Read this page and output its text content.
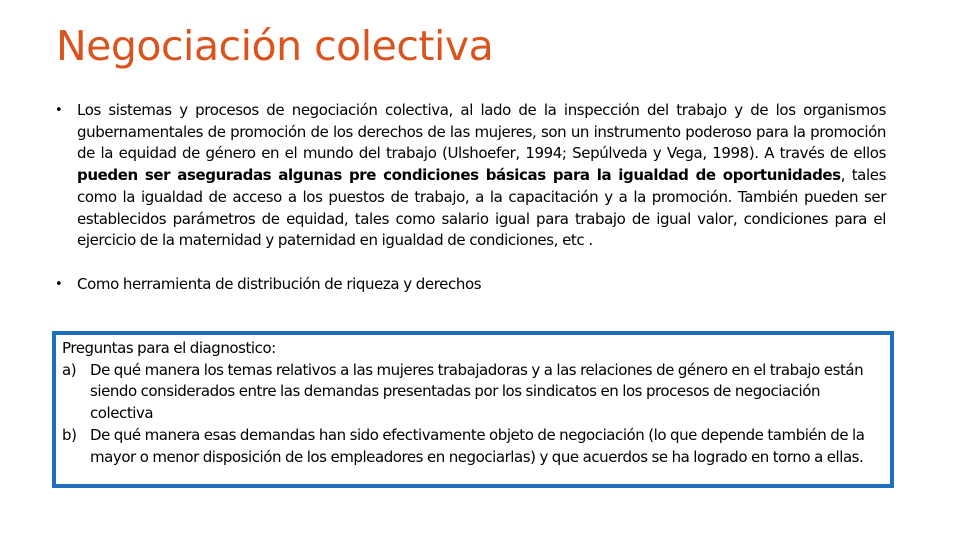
Negociación colectiva
• Los sistemas y procesos de negociación colectiva, al lado de la inspección del trabajo y de los organismos gubernamentales de promoción de los derechos de las mujeres, son un instrumento poderoso para la promoción de la equidad de género en el mundo del trabajo (Ulshoefer, 1994; Sepúlveda y Vega, 1998). A través de ellos pueden ser aseguradas algunas pre condiciones básicas para la igualdad de oportunidades, tales como la igualdad de acceso a los puestos de trabajo, a la capacitación y a la promoción. También pueden ser establecidos parámetros de equidad, tales como salario igual para trabajo de igual valor, condiciones para el ejercicio de la maternidad y paternidad en igualdad de condiciones, etc .
• Como herramienta de distribución de riqueza y derechos

Preguntas para el diagnostico:

a) De qué manera los temas relativos a las mujeres trabajadoras y a las relaciones de género en el trabajo están siendo considerados entre las demandas presentadas por los sindicatos en los procesos de negociación colectiva

b) De qué manera esas demandas han sido efectivamente objeto de negociación (lo que depende también de la mayor o menor disposición de los empleadores en negociarlas) y que acuerdos se ha logrado en torno a ellas.
